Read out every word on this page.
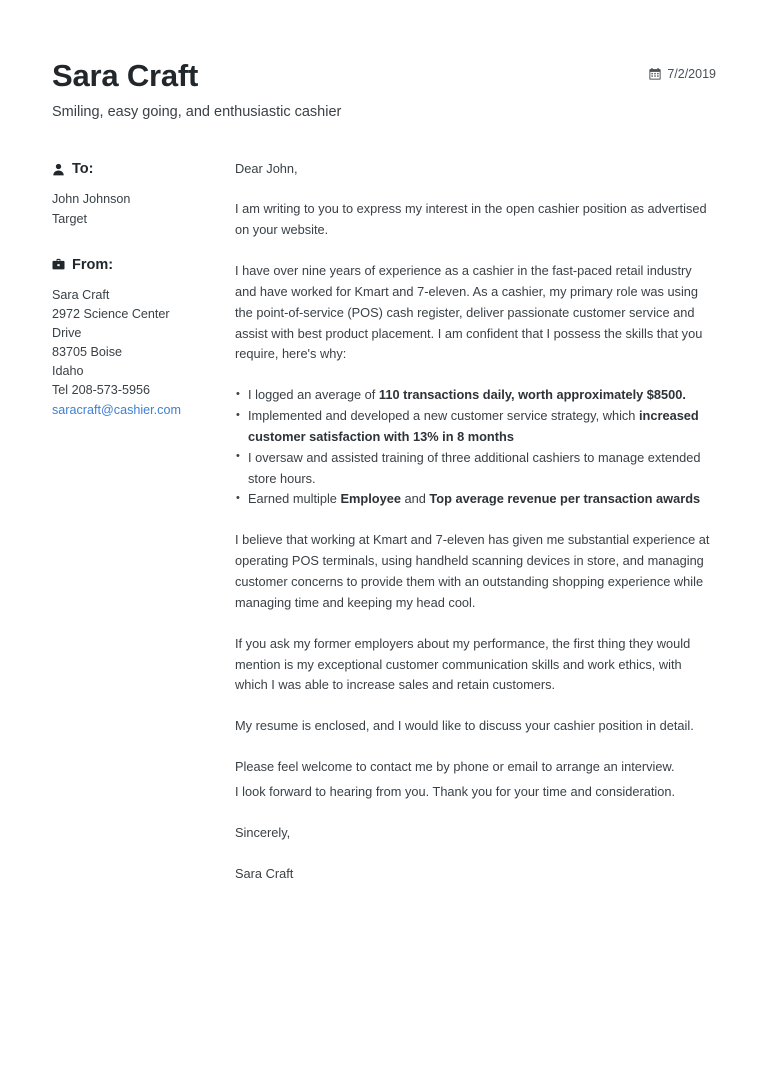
Sara Craft
Smiling, easy going, and enthusiastic cashier
7/2/2019
To:
John Johnson
Target
From:
Sara Craft
2972 Science Center
Drive
83705 Boise
Idaho
Tel 208-573-5956
saracraft@cashier.com
Dear John,
I am writing to you to express my interest in the open cashier position as advertised on your website.
I have over nine years of experience as a cashier in the fast-paced retail industry and have worked for Kmart and 7-eleven. As a cashier, my primary role was using the point-of-service (POS) cash register, deliver passionate customer service and assist with best product placement. I am confident that I possess the skills that you require, here's why:
• I logged an average of 110 transactions daily, worth approximately $8500.
• Implemented and developed a new customer service strategy, which increased customer satisfaction with 13% in 8 months
• I oversaw and assisted training of three additional cashiers to manage extended store hours.
• Earned multiple Employee and Top average revenue per transaction awards
I believe that working at Kmart and 7-eleven has given me substantial experience at operating POS terminals, using handheld scanning devices in store, and managing customer concerns to provide them with an outstanding shopping experience while managing time and keeping my head cool.
If you ask my former employers about my performance, the first thing they would mention is my exceptional customer communication skills and work ethics, with which I was able to increase sales and retain customers.
My resume is enclosed, and I would like to discuss your cashier position in detail.
Please feel welcome to contact me by phone or email to arrange an interview.
I look forward to hearing from you. Thank you for your time and consideration.
Sincerely,
Sara Craft
